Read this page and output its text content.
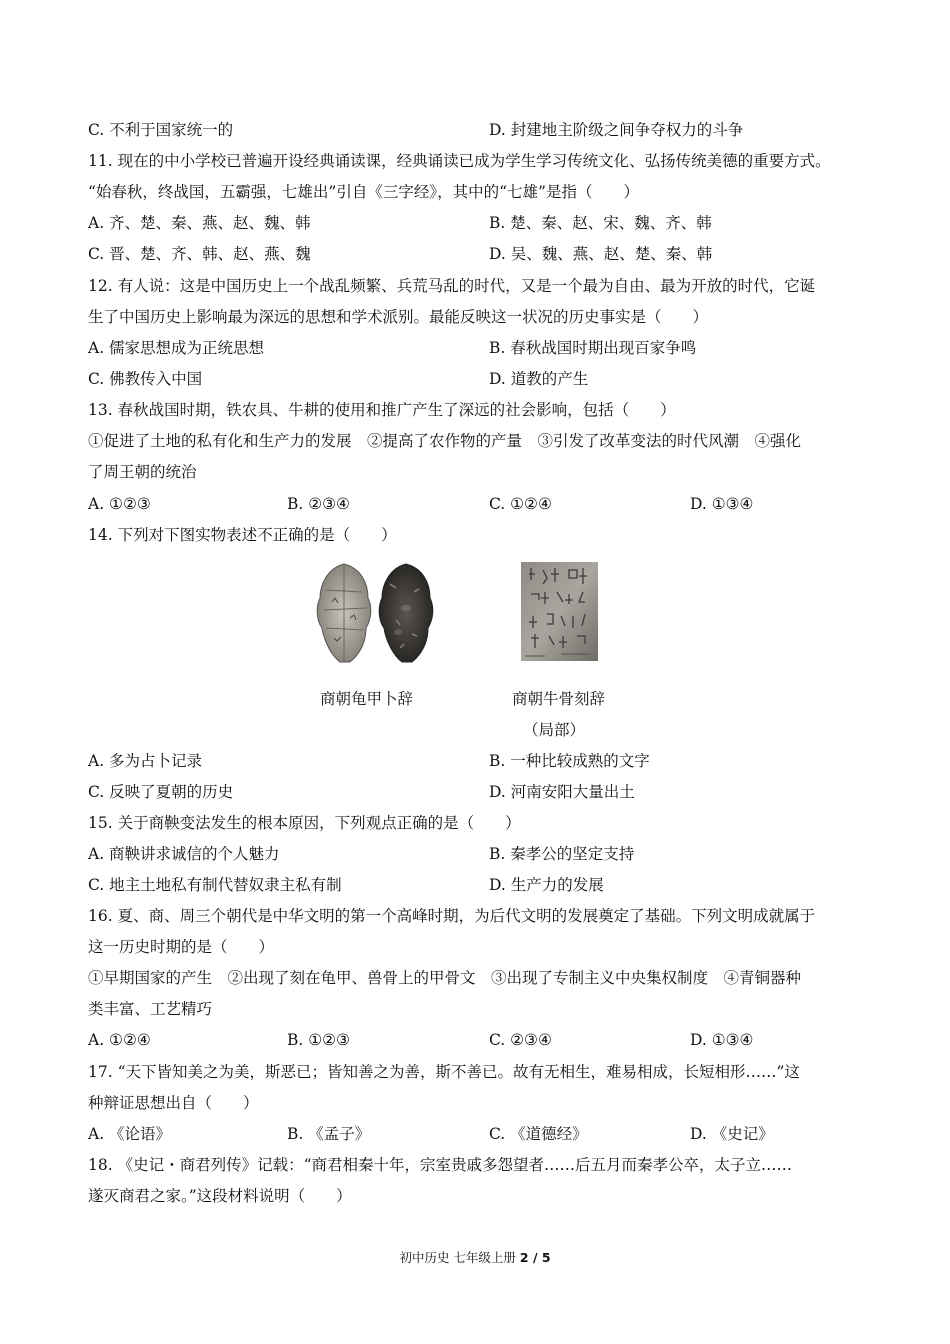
C. 不利于国家统一的	D. 封建地主阶级之间争夺权力的斗争
11. 现在的中小学校已普遍开设经典诵读课，经典诵读已成为学生学习传统文化、弘扬传统美德的重要方式。
“始春秋，终战国，五霸强，七雄出”引自《三字经》，其中的“七雄”是指（　　）
A. 齐、楚、秦、燕、赵、魏、韩	B. 楚、秦、赵、宋、魏、齐、韩
C. 晋、楚、齐、韩、赵、燕、魏	D. 吴、魏、燕、赵、楚、秦、韩
12. 有人说：这是中国历史上一个战乱频繁、兵荒马乱的时代，又是一个最为自由、最为开放的时代，它诞
生了中国历史上影响最为深远的思想和学术派别。最能反映这一状况的历史事实是（　　）
A. 儒家思想成为正统思想	B. 春秋战国时期出现百家争鸣
C. 佛教传入中国	D. 道教的产生
13. 春秋战国时期，铁农具、牛耕的使用和推广产生了深远的社会影响，包括（　　）
①促进了土地的私有化和生产力的发展　②提高了农作物的产量　③引发了改革变法的时代风潮　④强化
了周王朝的统治
A. ①②③	B. ②③④	C. ①②④	D. ①③④
14. 下列对下图实物表述不正确的是（　　）
商朝龟甲卜辞	商朝牛骨刻辞
（局部）
A. 多为占卜记录	B. 一种比较成熟的文字
C. 反映了夏朝的历史	D. 河南安阳大量出土
15. 关于商鞅变法发生的根本原因，下列观点正确的是（　　）
A. 商鞅讲求诚信的个人魅力	B. 秦孝公的坚定支持
C. 地主土地私有制代替奴隶主私有制	D. 生产力的发展
16. 夏、商、周三个朝代是中华文明的第一个高峰时期，为后代文明的发展奠定了基础。下列文明成就属于
这一历史时期的是（　　）
①早期国家的产生　②出现了刻在龟甲、兽骨上的甲骨文　③出现了专制主义中央集权制度　④青铜器种
类丰富、工艺精巧
A. ①②④	B. ①②③	C. ②③④	D. ①③④
17. “天下皆知美之为美，斯恶已；皆知善之为善，斯不善已。故有无相生，难易相成，长短相形……”这
种辩证思想出自（　　）
A. 《论语》	B. 《孟子》	C. 《道德经》	D. 《史记》
18. 《史记・商君列传》记载：“商君相秦十年，宗室贵戚多怨望者……后五月而秦孝公卒，太子立……
遂灭商君之家。”这段材料说明（　　）
初中历史 七年级上册 2 / 5
